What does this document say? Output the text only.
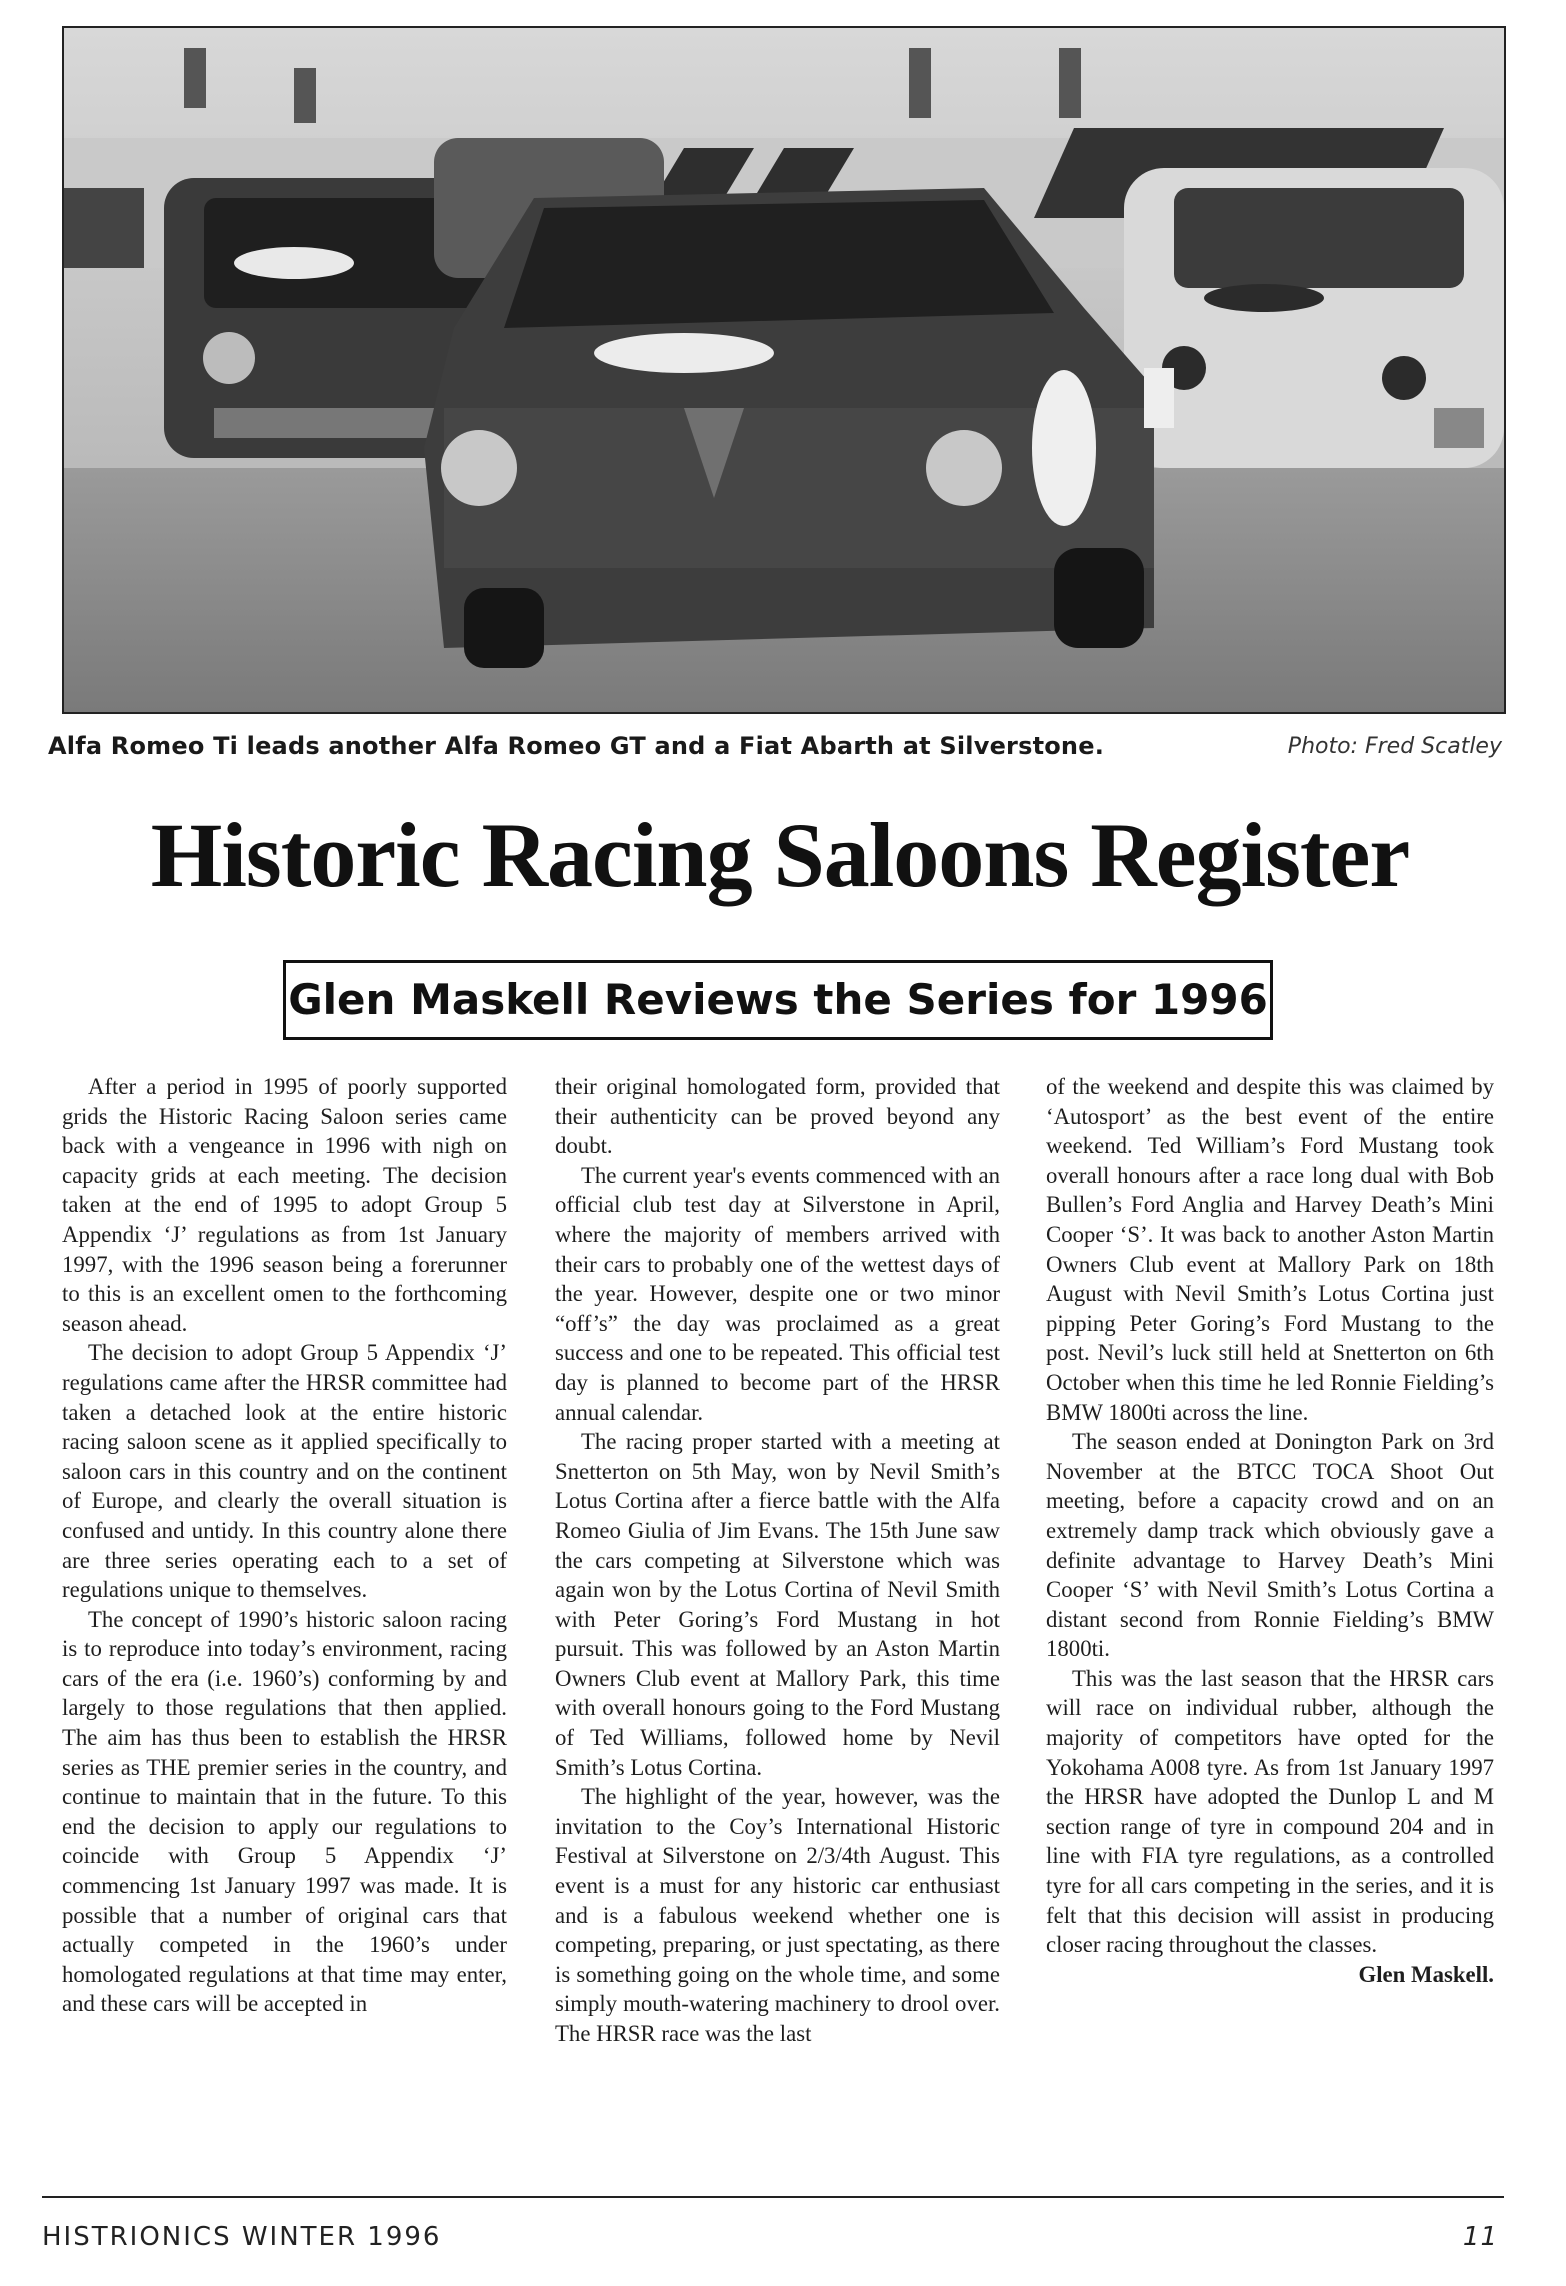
Alfa Romeo Ti leads another Alfa Romeo GT and a Fiat Abarth at Silverstone.	Photo: Fred Scatley
Historic Racing Saloons Register
Glen Maskell Reviews the Series for 1996

After a period in 1995 of poorly supported grids the Historic Racing Saloon series came back with a vengeance in 1996 with nigh on capacity grids at each meeting. The decision taken at the end of 1995 to adopt Group 5 Appendix ‘J’ regulations as from 1st January 1997, with the 1996 season being a forerunner to this is an excellent omen to the forthcoming season ahead.

The decision to adopt Group 5 Appendix ‘J’ regulations came after the HRSR committee had taken a detached look at the entire historic racing saloon scene as it applied specifically to saloon cars in this country and on the continent of Europe, and clearly the overall situation is confused and untidy. In this country alone there are three series operating each to a set of regulations unique to themselves.

The concept of 1990’s historic saloon racing is to reproduce into today’s environment, racing cars of the era (i.e. 1960’s) conforming by and largely to those regulations that then applied. The aim has thus been to establish the HRSR series as THE premier series in the country, and continue to maintain that in the future. To this end the decision to apply our regulations to coincide with Group 5 Appendix ‘J’ commencing 1st January 1997 was made. It is possible that a number of original cars that actually competed in the 1960’s under homologated regulations at that time may enter, and these cars will be accepted in

their original homologated form, provided that their authenticity can be proved beyond any doubt.

The current year's events commenced with an official club test day at Silverstone in April, where the majority of members arrived with their cars to probably one of the wettest days of the year. However, despite one or two minor “off’s” the day was proclaimed as a great success and one to be repeated. This official test day is planned to become part of the HRSR annual calendar.

The racing proper started with a meeting at Snetterton on 5th May, won by Nevil Smith’s Lotus Cortina after a fierce battle with the Alfa Romeo Giulia of Jim Evans. The 15th June saw the cars competing at Silverstone which was again won by the Lotus Cortina of Nevil Smith with Peter Goring’s Ford Mustang in hot pursuit. This was followed by an Aston Martin Owners Club event at Mallory Park, this time with overall honours going to the Ford Mustang of Ted Williams, followed home by Nevil Smith’s Lotus Cortina.

The highlight of the year, however, was the invitation to the Coy’s International Historic Festival at Silverstone on 2/3/4th August. This event is a must for any historic car enthusiast and is a fabulous weekend whether one is competing, preparing, or just spectating, as there is something going on the whole time, and some simply mouth-watering machinery to drool over. The HRSR race was the last

of the weekend and despite this was claimed by ‘Autosport’ as the best event of the entire weekend. Ted William’s Ford Mustang took overall honours after a race long dual with Bob Bullen’s Ford Anglia and Harvey Death’s Mini Cooper ‘S’. It was back to another Aston Martin Owners Club event at Mallory Park on 18th August with Nevil Smith’s Lotus Cortina just pipping Peter Goring’s Ford Mustang to the post. Nevil’s luck still held at Snetterton on 6th October when this time he led Ronnie Fielding’s BMW 1800ti across the line.

The season ended at Donington Park on 3rd November at the BTCC TOCA Shoot Out meeting, before a capacity crowd and on an extremely damp track which obviously gave a definite advantage to Harvey Death’s Mini Cooper ‘S’ with Nevil Smith’s Lotus Cortina a distant second from Ronnie Fielding’s BMW 1800ti.

This was the last season that the HRSR cars will race on individual rubber, although the majority of competitors have opted for the Yokohama A008 tyre. As from 1st January 1997 the HRSR have adopted the Dunlop L and M section range of tyre in compound 204 and in line with FIA tyre regulations, as a controlled tyre for all cars competing in the series, and it is felt that this decision will assist in producing closer racing throughout the classes.

Glen Maskell.

HISTRIONICS WINTER 1996	11
